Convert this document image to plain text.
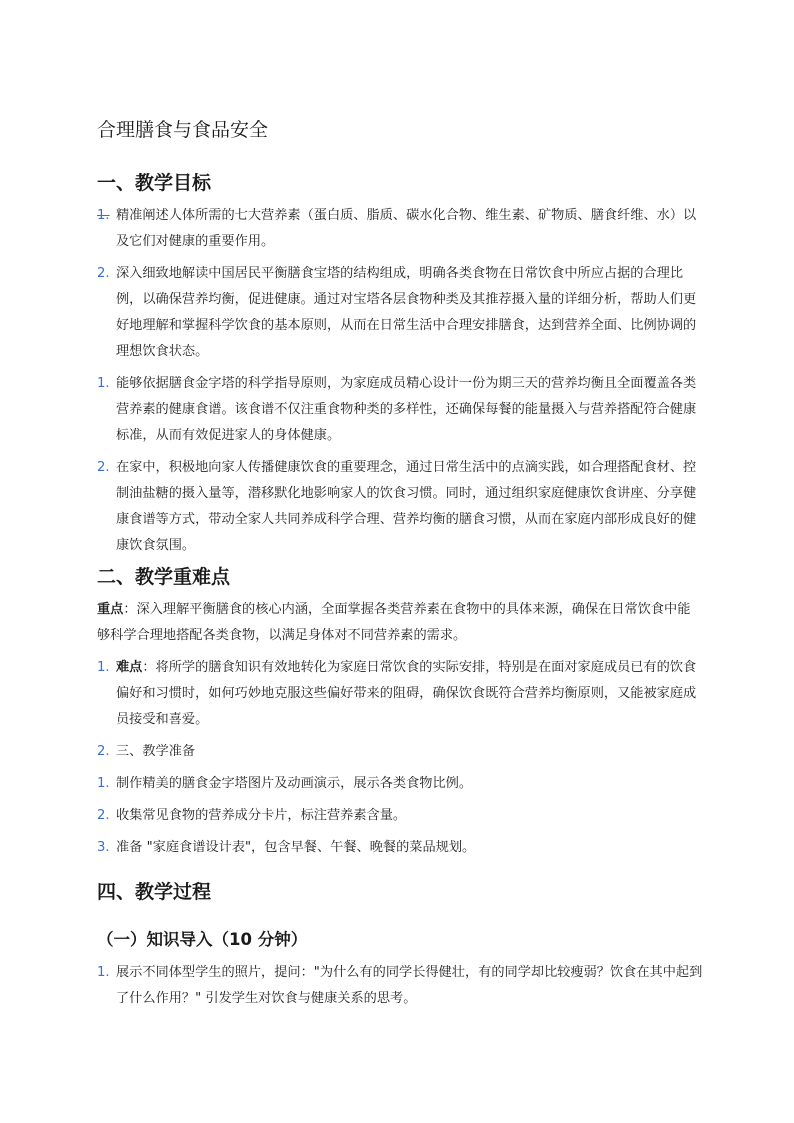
合理膳食与食品安全
一、教学目标
1. 精准阐述人体所需的七大营养素（蛋白质、脂质、碳水化合物、维生素、矿物质、膳食纤维、水）以及它们对健康的重要作用。
2. 深入细致地解读中国居民平衡膳食宝塔的结构组成，明确各类食物在日常饮食中所应占据的合理比例，以确保营养均衡，促进健康。通过对宝塔各层食物种类及其推荐摄入量的详细分析，帮助人们更好地理解和掌握科学饮食的基本原则，从而在日常生活中合理安排膳食，达到营养全面、比例协调的理想饮食状态。
1. 能够依据膳食金字塔的科学指导原则，为家庭成员精心设计一份为期三天的营养均衡且全面覆盖各类营养素的健康食谱。该食谱不仅注重食物种类的多样性，还确保每餐的能量摄入与营养搭配符合健康标准，从而有效促进家人的身体健康。
2. 在家中，积极地向家人传播健康饮食的重要理念，通过日常生活中的点滴实践，如合理搭配食材、控制油盐糖的摄入量等，潜移默化地影响家人的饮食习惯。同时，通过组织家庭健康饮食讲座、分享健康食谱等方式，带动全家人共同养成科学合理、营养均衡的膳食习惯，从而在家庭内部形成良好的健康饮食氛围。
二、教学重难点
重点：深入理解平衡膳食的核心内涵，全面掌握各类营养素在食物中的具体来源，确保在日常饮食中能够科学合理地搭配各类食物，以满足身体对不同营养素的需求。
1. 难点：将所学的膳食知识有效地转化为家庭日常饮食的实际安排，特别是在面对家庭成员已有的饮食偏好和习惯时，如何巧妙地克服这些偏好带来的阻碍，确保饮食既符合营养均衡原则，又能被家庭成员接受和喜爱。
2. 三、教学准备
1. 制作精美的膳食金字塔图片及动画演示，展示各类食物比例。
2. 收集常见食物的营养成分卡片，标注营养素含量。
3. 准备 "家庭食谱设计表"，包含早餐、午餐、晚餐的菜品规划。
四、教学过程
（一）知识导入（10 分钟）
1. 展示不同体型学生的照片，提问："为什么有的同学长得健壮，有的同学却比较瘦弱？饮食在其中起到了什么作用？" 引发学生对饮食与健康关系的思考。
